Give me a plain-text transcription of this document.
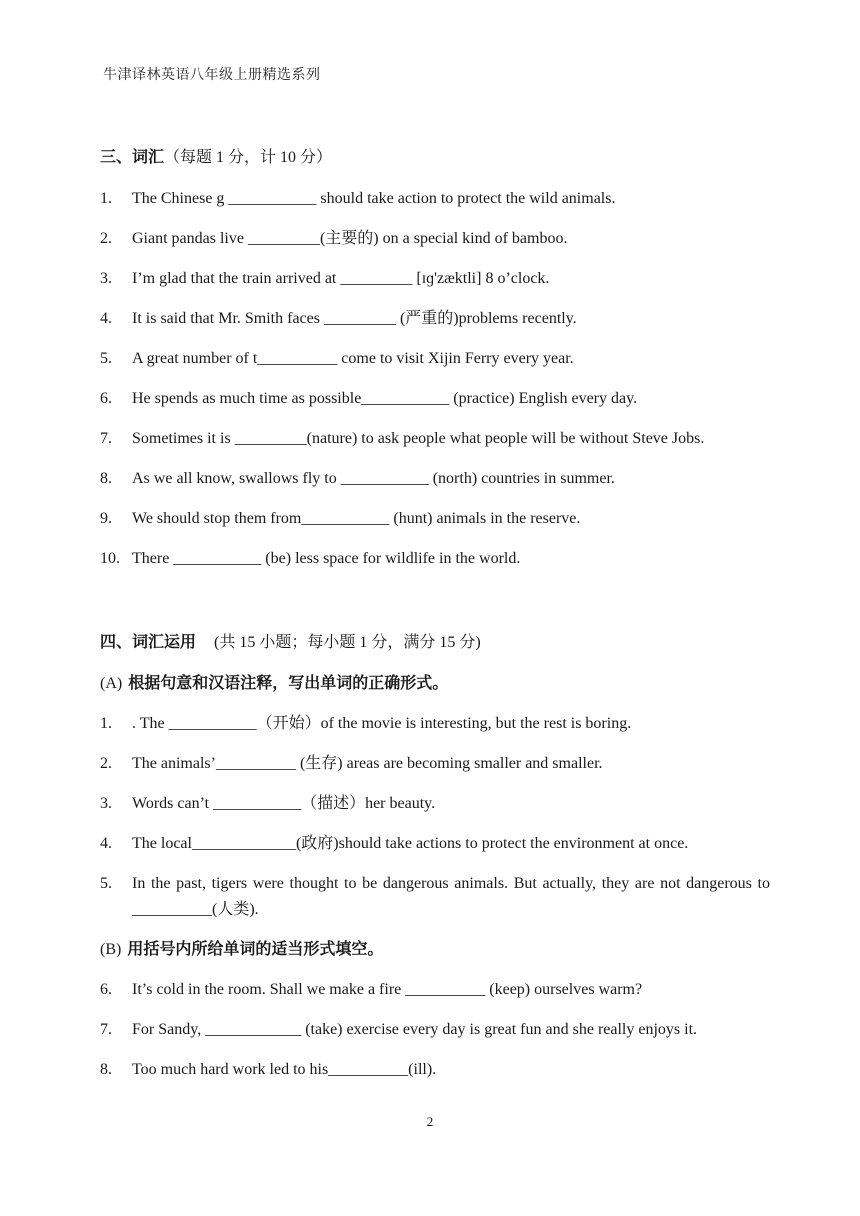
牛津译林英语八年级上册精选系列
三、词汇（每题 1 分，计 10 分）
1.	The Chinese g ___________ should take action to protect the wild animals.
2.	Giant pandas live _________(主要的) on a special kind of bamboo.
3.	I’m glad that the train arrived at _________ [ɪɡ'zæktli] 8 o’clock.
4.	It is said that Mr. Smith faces _________ (严重的)problems recently.
5.	A great number of t__________ come to visit Xijin Ferry every year.
6.	He spends as much time as possible___________ (practice) English every day.
7.	Sometimes it is _________(nature) to ask people what people will be without Steve Jobs.
8.	As we all know, swallows fly to ___________ (north) countries in summer.
9.	We should stop them from___________ (hunt) animals in the reserve.
10. There ___________ (be) less space for wildlife in the world.
四、词汇运用 (共 15 小题；每小题 1 分，满分 15 分)
(A) 根据句意和汉语注释，写出单词的正确形式。
1.	. The ___________（开始）of the movie is interesting, but the rest is boring.
2.	The animals’__________ (生存) areas are becoming smaller and smaller.
3.	Words can’t ___________（描述）her beauty.
4.	The local_____________(政府)should take actions to protect the environment at once.
5.	In the past, tigers were thought to be dangerous animals. But actually, they are not dangerous to __________(人类).
(B) 用括号内所给单词的适当形式填空。
6.	It’s cold in the room. Shall we make a fire __________ (keep) ourselves warm?
7.	For Sandy, ____________ (take) exercise every day is great fun and she really enjoys it.
8.	Too much hard work led to his__________(ill).
2
